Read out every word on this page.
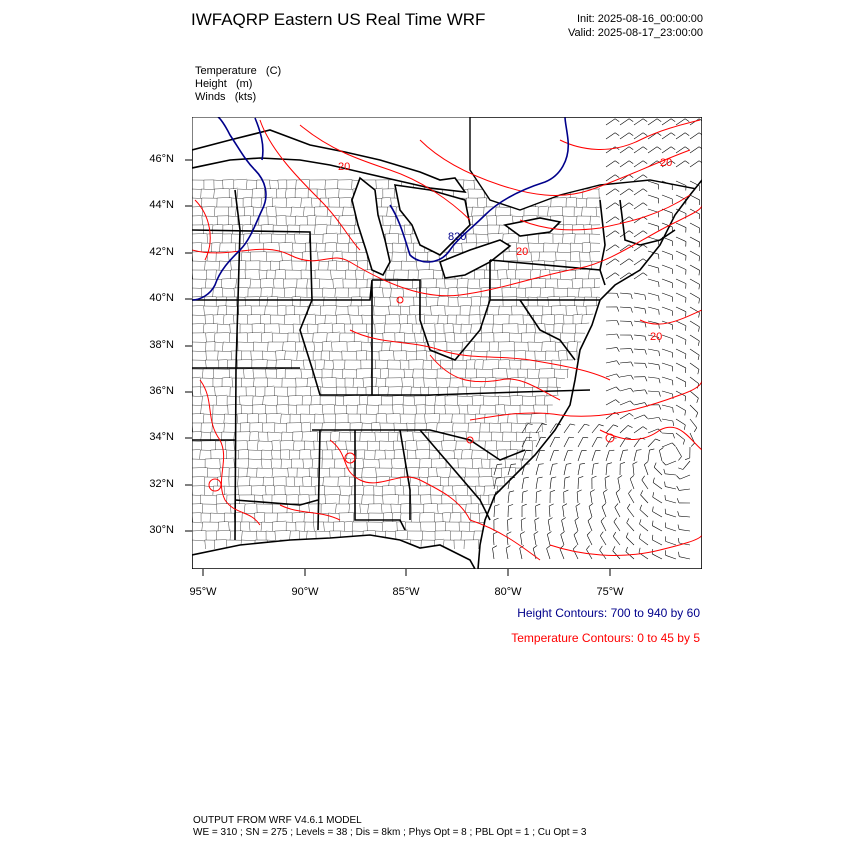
IWFAQRP Eastern US Real Time WRF	Init: 2025-08-16_00:00:00
Valid: 2025-08-17_23:00:00
Temperature   (C)
Height   (m)
Winds   (kts)
20
20
20
20
820
46°N
44°N
42°N
40°N
38°N
36°N
34°N
32°N
30°N
95°W	90°W	85°W	80°W	75°W
Height Contours: 700 to 940 by 60
Temperature Contours: 0 to 45 by 5
OUTPUT FROM WRF V4.6.1 MODEL
WE = 310 ; SN = 275 ; Levels = 38 ; Dis = 8km ; Phys Opt = 8 ; PBL Opt = 1 ; Cu Opt = 3
